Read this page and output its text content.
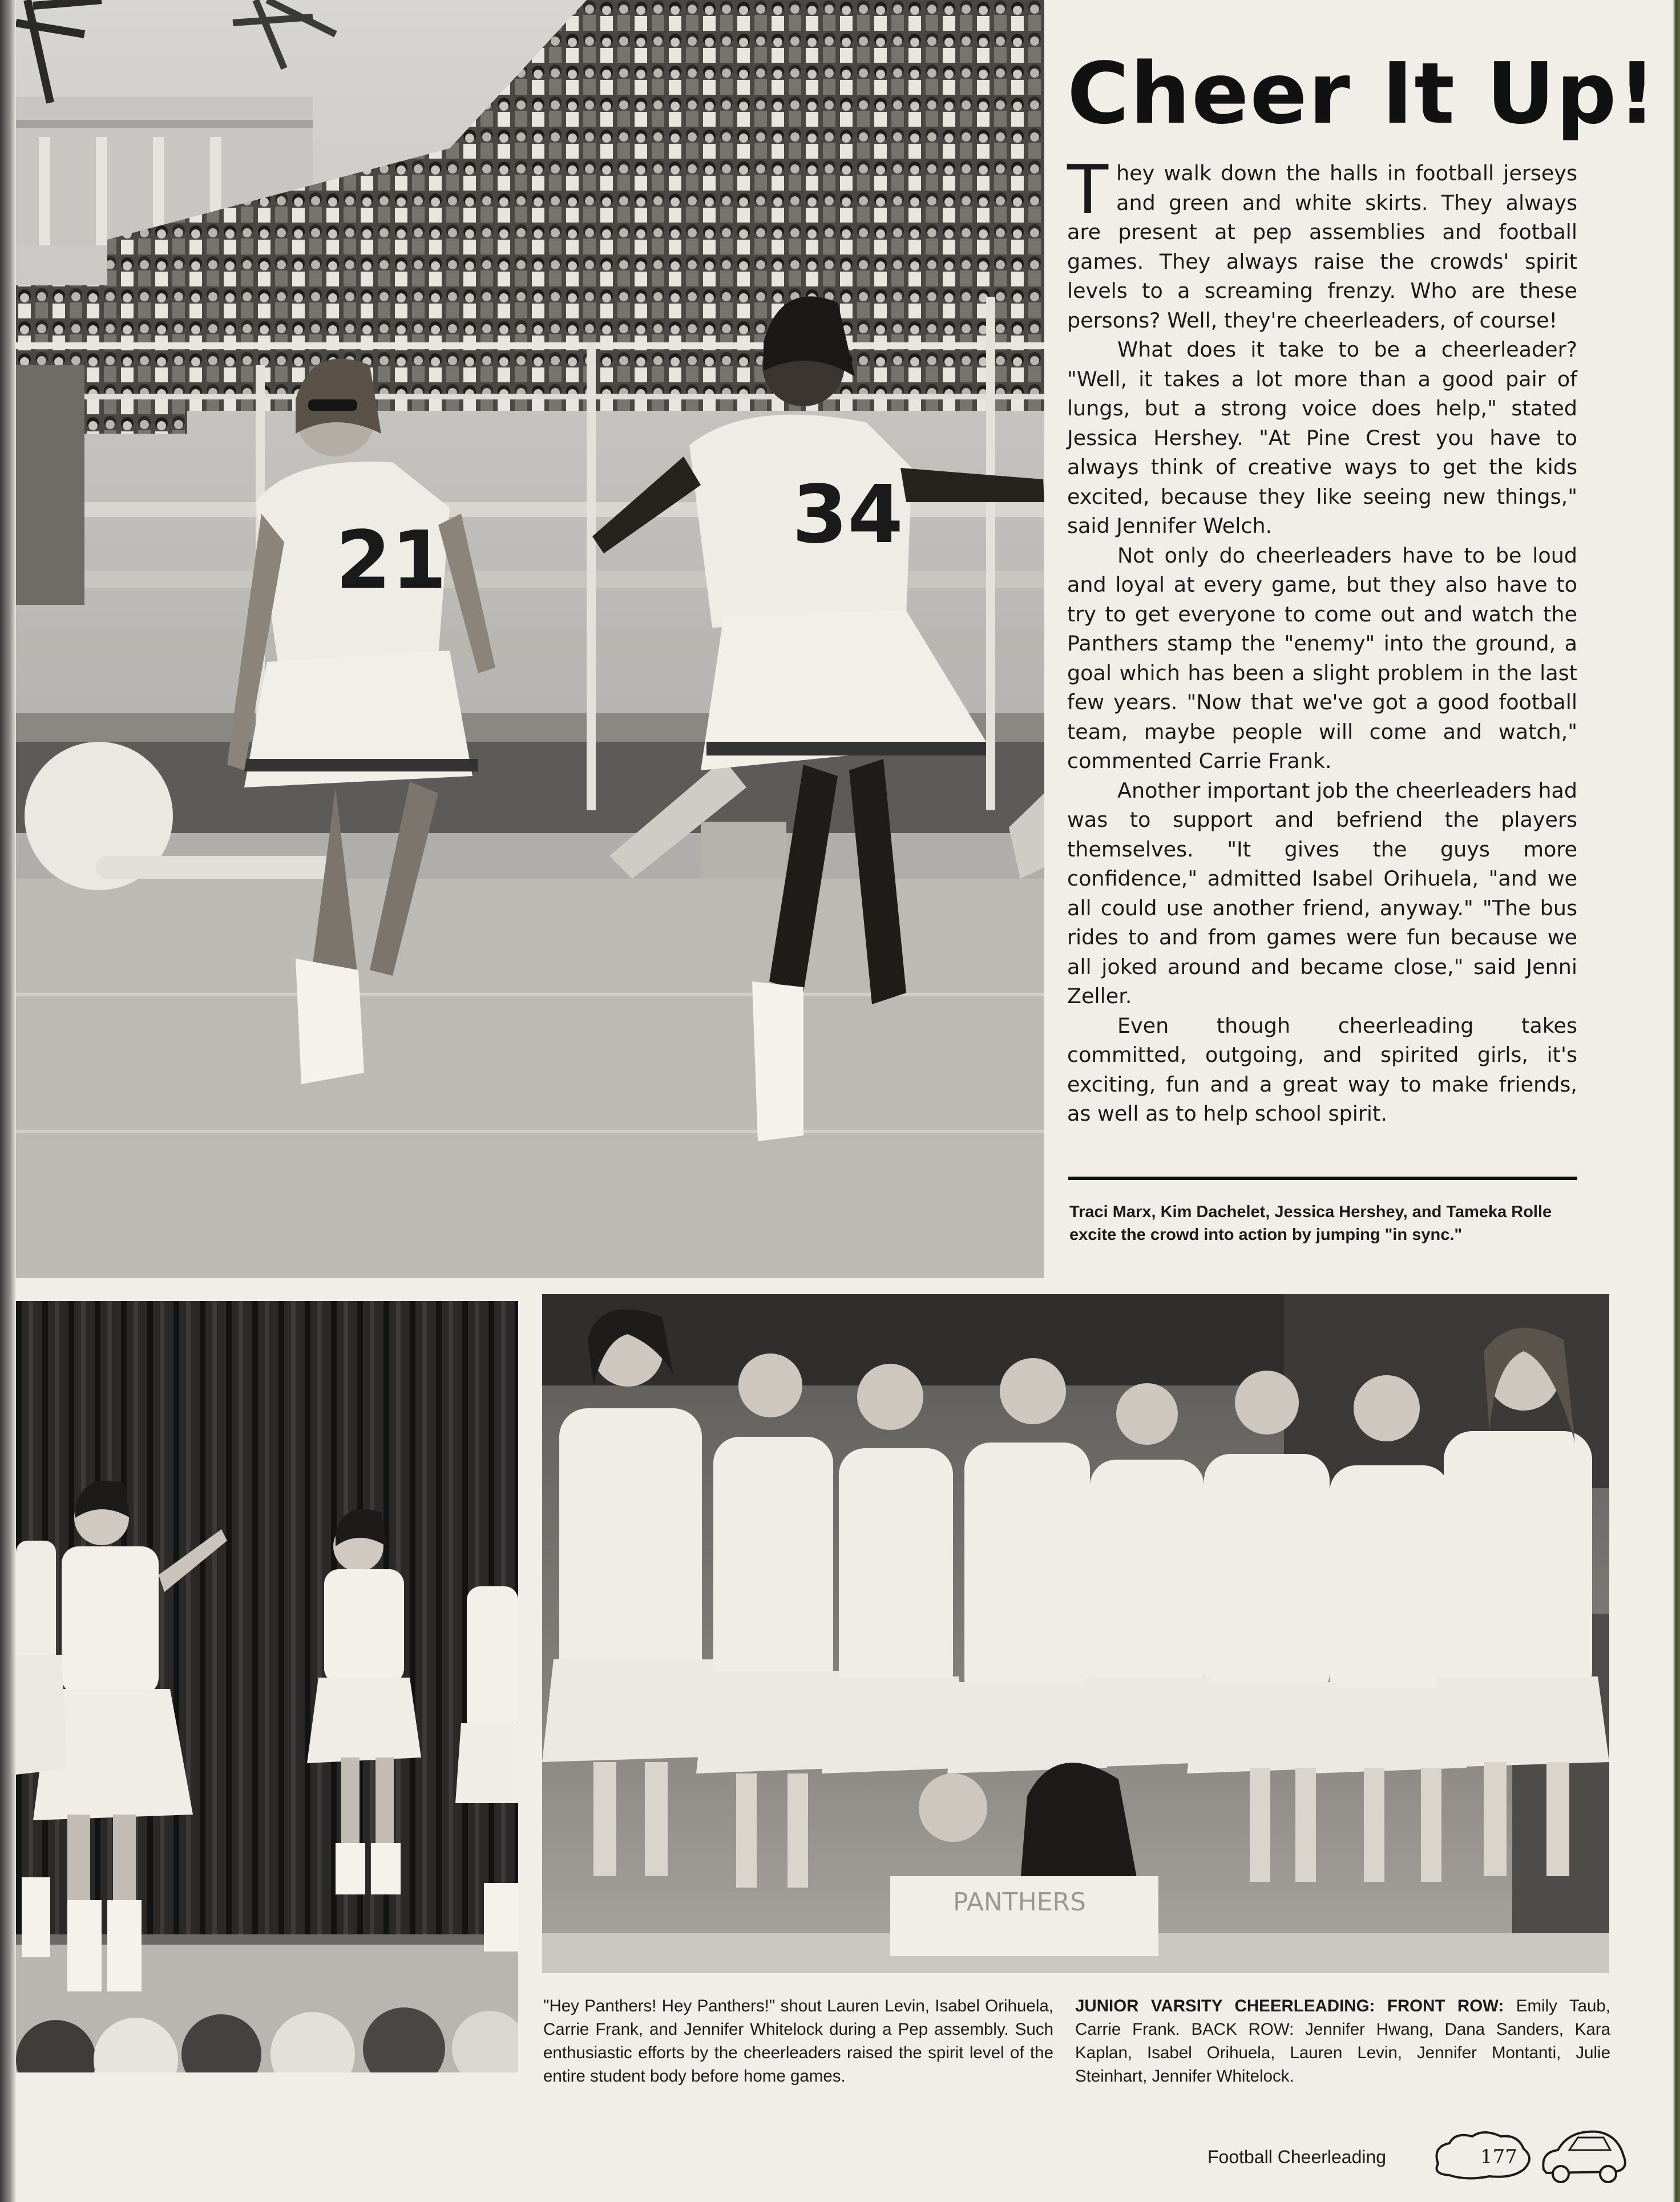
21	34
PANTHERS
Cheer It Up!

They walk down the halls in football jerseys and green and white skirts. They always are present at pep assemblies and football games. They always raise the crowds' spirit levels to a screaming frenzy. Who are these persons? Well, they're cheerleaders, of course!

What does it take to be a cheerleader? "Well, it takes a lot more than a good pair of lungs, but a strong voice does help," stated Jessica Hershey. "At Pine Crest you have to always think of creative ways to get the kids excited, because they like seeing new things," said Jennifer Welch.

Not only do cheerleaders have to be loud and loyal at every game, but they also have to try to get everyone to come out and watch the Panthers stamp the "enemy" into the ground, a goal which has been a slight problem in the last few years. "Now that we've got a good football team, maybe people will come and watch," commented Carrie Frank.

Another important job the cheerleaders had was to support and befriend the players themselves. "It gives the guys more confidence," admitted Isabel Orihuela, "and we all could use another friend, anyway." "The bus rides to and from games were fun because we all joked around and became close," said Jenni Zeller.

Even though cheerleading takes committed, outgoing, and spirited girls, it's exciting, fun and a great way to make friends, as well as to help school spirit.

Traci Marx, Kim Dachelet, Jessica Hershey, and Tameka Rolle excite the crowd into action by jumping "in sync."
"Hey Panthers! Hey Panthers!" shout Lauren Levin, Isabel Orihuela, Carrie Frank, and Jennifer Whitelock during a Pep assembly. Such enthusiastic efforts by the cheerleaders raised the spirit level of the entire student body before home games.
JUNIOR VARSITY CHEERLEADING: FRONT ROW: Emily Taub, Carrie Frank. BACK ROW: Jennifer Hwang, Dana Sanders, Kara Kaplan, Isabel Orihuela, Lauren Levin, Jennifer Montanti, Julie Steinhart, Jennifer Whitelock.
Football Cheerleading	177
